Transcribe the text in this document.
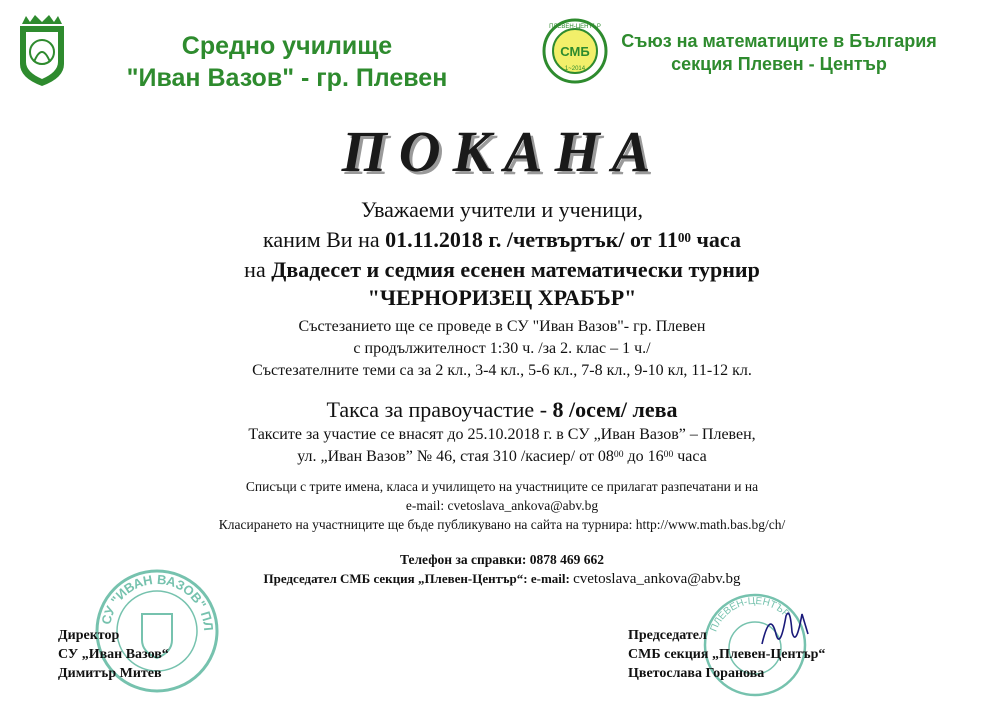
Средно училище
"Иван Вазов" - гр. Плевен
СМБ
1~2014
ПЛЕВЕН-ЦЕНТЪР
Съюз на математиците в България
секция Плевен - Център
ПОКАНА
Уважаеми учители и ученици,
каним Ви на 01.11.2018 г. /четвъртък/ от $11^{00}$ часа
на Двадесет и седмия есенен математически турнир
"ЧЕРНОРИЗЕЦ ХРАБЪР"
Състезанието ще се проведе в СУ "Иван Вазов"- гр. Плевен
с продължителност 1:30 ч. /за 2. клас – 1 ч./
Състезателните теми са за 2 кл., 3-4 кл., 5-6 кл., 7-8 кл., 9-10 кл, 11-12 кл.
Такса за правоучастие - 8 /осем/ лева
Таксите за участие се внасят до 25.10.2018 г. в СУ „Иван Вазов” – Плевен,
ул. „Иван Вазов” № 46, стая 310 /касиер/ от $08^{00}$ до $16^{00}$ часа
Списъци с трите имена, класа и училището на участниците се прилагат разпечатани и на
e-mail: cvetoslava_ankova@abv.bg
Класирането на участниците ще бъде публикувано на сайта на турнира: http://www.math.bas.bg/ch/
Телефон за справки: 0878 469 662
Председател СМБ секция „Плевен-Център“: e-mail: cvetoslava_ankova@abv.bg
СУ "ИВАН ВАЗОВ" ПЛ	ПЛЕВЕН-ЦЕНТЪР
Директор
СУ „Иван Вазов“
Димитър Митев
Председател
СМБ секция „Плевен-Център“
Цветослава Горанова
